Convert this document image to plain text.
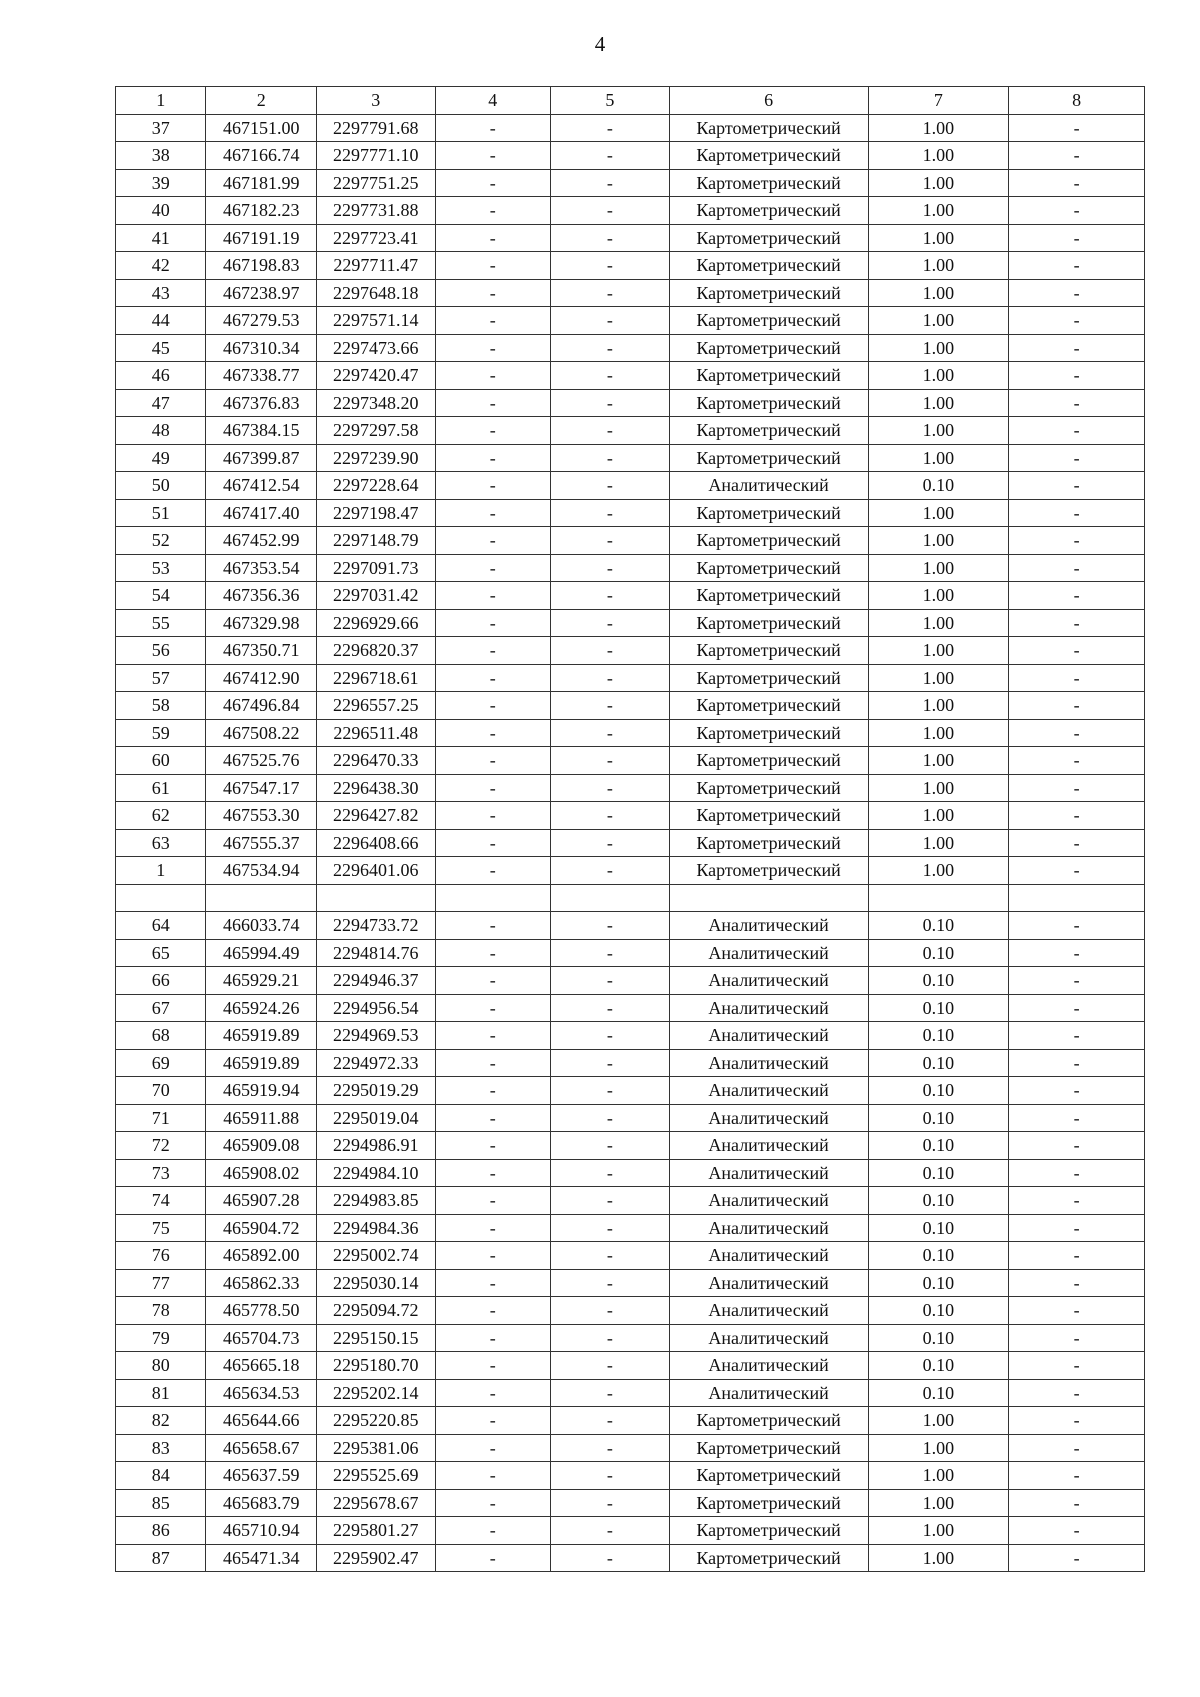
4
1	2	3	4	5	6	7	8
37	467151.00	2297791.68	-	-	Картометрический	1.00	-
38	467166.74	2297771.10	-	-	Картометрический	1.00	-
39	467181.99	2297751.25	-	-	Картометрический	1.00	-
40	467182.23	2297731.88	-	-	Картометрический	1.00	-
41	467191.19	2297723.41	-	-	Картометрический	1.00	-
42	467198.83	2297711.47	-	-	Картометрический	1.00	-
43	467238.97	2297648.18	-	-	Картометрический	1.00	-
44	467279.53	2297571.14	-	-	Картометрический	1.00	-
45	467310.34	2297473.66	-	-	Картометрический	1.00	-
46	467338.77	2297420.47	-	-	Картометрический	1.00	-
47	467376.83	2297348.20	-	-	Картометрический	1.00	-
48	467384.15	2297297.58	-	-	Картометрический	1.00	-
49	467399.87	2297239.90	-	-	Картометрический	1.00	-
50	467412.54	2297228.64	-	-	Аналитический	0.10	-
51	467417.40	2297198.47	-	-	Картометрический	1.00	-
52	467452.99	2297148.79	-	-	Картометрический	1.00	-
53	467353.54	2297091.73	-	-	Картометрический	1.00	-
54	467356.36	2297031.42	-	-	Картометрический	1.00	-
55	467329.98	2296929.66	-	-	Картометрический	1.00	-
56	467350.71	2296820.37	-	-	Картометрический	1.00	-
57	467412.90	2296718.61	-	-	Картометрический	1.00	-
58	467496.84	2296557.25	-	-	Картометрический	1.00	-
59	467508.22	2296511.48	-	-	Картометрический	1.00	-
60	467525.76	2296470.33	-	-	Картометрический	1.00	-
61	467547.17	2296438.30	-	-	Картометрический	1.00	-
62	467553.30	2296427.82	-	-	Картометрический	1.00	-
63	467555.37	2296408.66	-	-	Картометрический	1.00	-
1	467534.94	2296401.06	-	-	Картометрический	1.00	-

64	466033.74	2294733.72	-	-	Аналитический	0.10	-
65	465994.49	2294814.76	-	-	Аналитический	0.10	-
66	465929.21	2294946.37	-	-	Аналитический	0.10	-
67	465924.26	2294956.54	-	-	Аналитический	0.10	-
68	465919.89	2294969.53	-	-	Аналитический	0.10	-
69	465919.89	2294972.33	-	-	Аналитический	0.10	-
70	465919.94	2295019.29	-	-	Аналитический	0.10	-
71	465911.88	2295019.04	-	-	Аналитический	0.10	-
72	465909.08	2294986.91	-	-	Аналитический	0.10	-
73	465908.02	2294984.10	-	-	Аналитический	0.10	-
74	465907.28	2294983.85	-	-	Аналитический	0.10	-
75	465904.72	2294984.36	-	-	Аналитический	0.10	-
76	465892.00	2295002.74	-	-	Аналитический	0.10	-
77	465862.33	2295030.14	-	-	Аналитический	0.10	-
78	465778.50	2295094.72	-	-	Аналитический	0.10	-
79	465704.73	2295150.15	-	-	Аналитический	0.10	-
80	465665.18	2295180.70	-	-	Аналитический	0.10	-
81	465634.53	2295202.14	-	-	Аналитический	0.10	-
82	465644.66	2295220.85	-	-	Картометрический	1.00	-
83	465658.67	2295381.06	-	-	Картометрический	1.00	-
84	465637.59	2295525.69	-	-	Картометрический	1.00	-
85	465683.79	2295678.67	-	-	Картометрический	1.00	-
86	465710.94	2295801.27	-	-	Картометрический	1.00	-
87	465471.34	2295902.47	-	-	Картометрический	1.00	-
